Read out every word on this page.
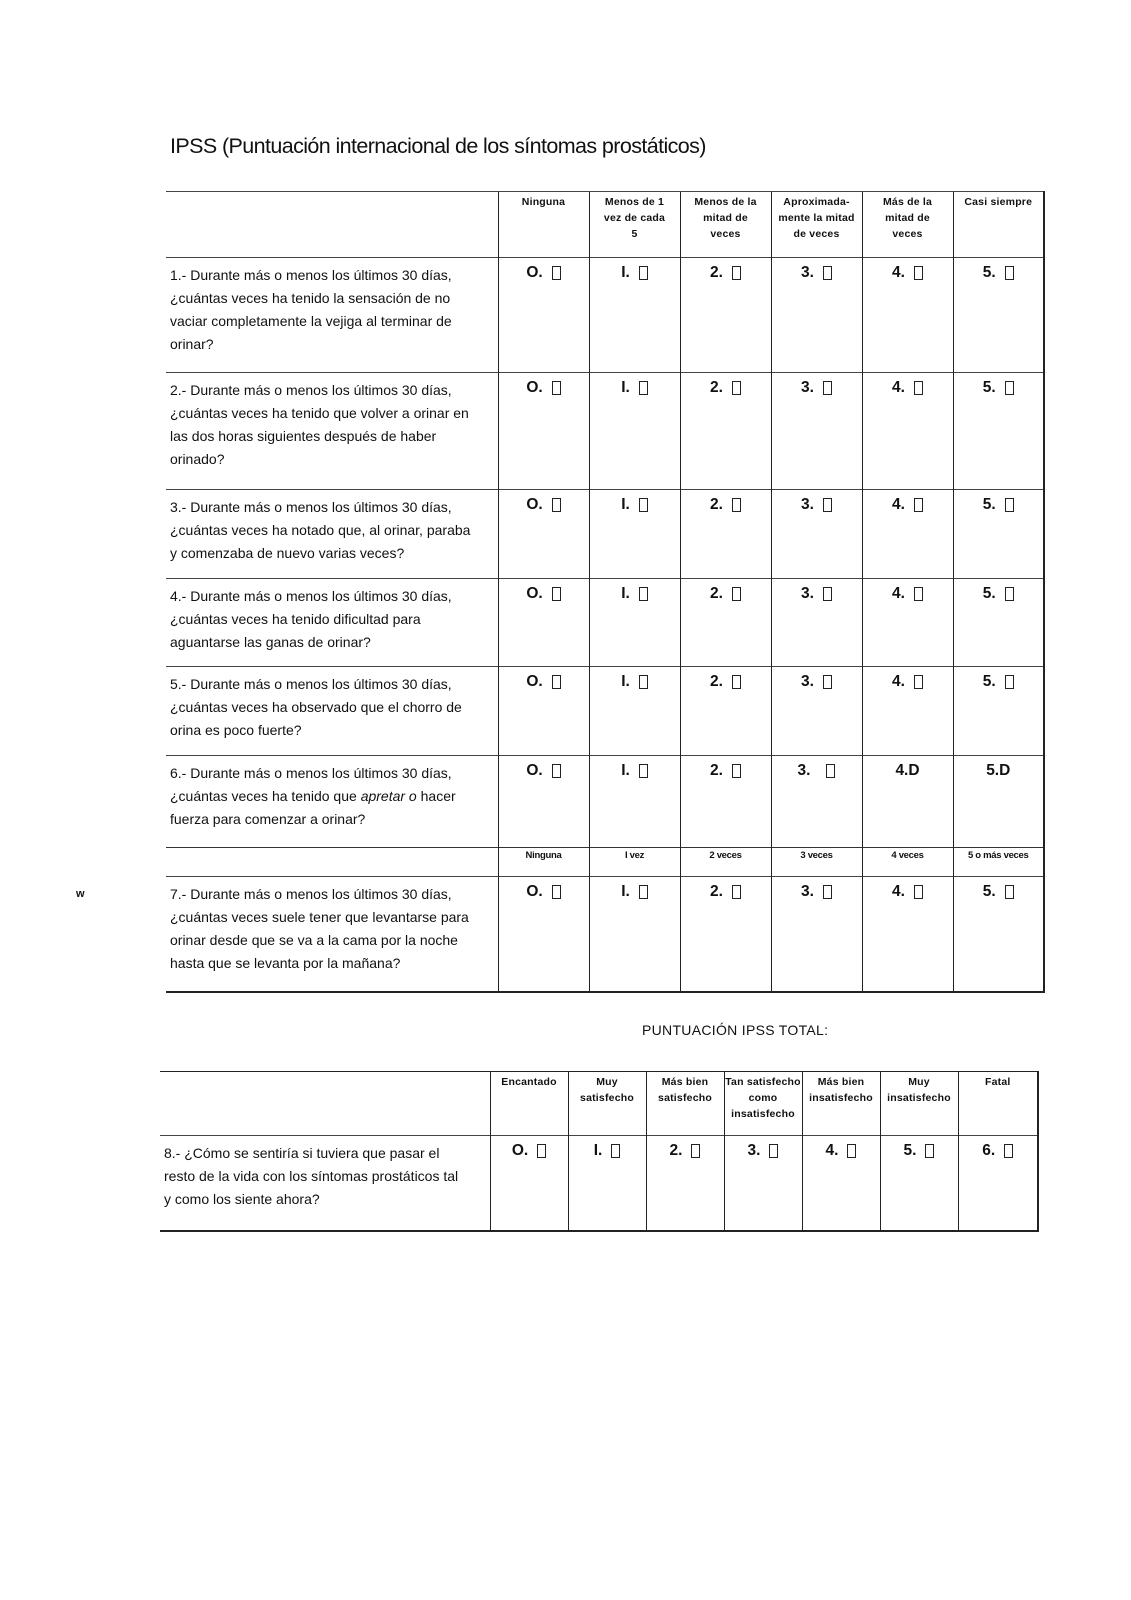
IPSS (Puntuación internacional de los síntomas prostáticos)
w
	Ninguna	Menos de 1 vez de cada 5	Menos de la mitad de veces	Aproximada-mente la mitad de veces	Más de la mitad de veces	Casi siempre
1.- Durante más o menos los últimos 30 días, ¿cuántas veces ha tenido la sensación de no vaciar completamente la vejiga al terminar de orinar?	O.	I.	2.	3.	4.	5.
2.- Durante más o menos los últimos 30 días, ¿cuántas veces ha tenido que volver a orinar en las dos horas siguientes después de haber orinado?	O.	I.	2.	3.	4.	5.
3.- Durante más o menos los últimos 30 días, ¿cuántas veces ha notado que, al orinar, paraba y comenzaba de nuevo varias veces?	O.	I.	2.	3.	4.	5.
4.- Durante más o menos los últimos 30 días, ¿cuántas veces ha tenido dificultad para aguantarse las ganas de orinar?	O.	I.	2.	3.	4.	5.
5.- Durante más o menos los últimos 30 días, ¿cuántas veces ha observado que el chorro de orina es poco fuerte?	O.	I.	2.	3.	4.	5.
6.- Durante más o menos los últimos 30 días, ¿cuántas veces ha tenido que apretar o hacer fuerza para comenzar a orinar?	O.	I.	2.	3.	4.D	5.D
	Ninguna	I vez	2 veces	3 veces	4 veces	5 o más veces
7.- Durante más o menos los últimos 30 días, ¿cuántas veces suele tener que levantarse para orinar desde que se va a la cama por la noche hasta que se levanta por la mañana?	O.	I.	2.	3.	4.	5.
PUNTUACIÓN IPSS TOTAL:
	Encantado	Muy satisfecho	Más bien satisfecho	Tan satisfecho como insatisfecho	Más bien insatisfecho	Muy insatisfecho	Fatal
8.- ¿Cómo se sentiría si tuviera que pasar el resto de la vida con los síntomas prostáticos tal y como los siente ahora?	O.	I.	2.	3.	4.	5.	6.
